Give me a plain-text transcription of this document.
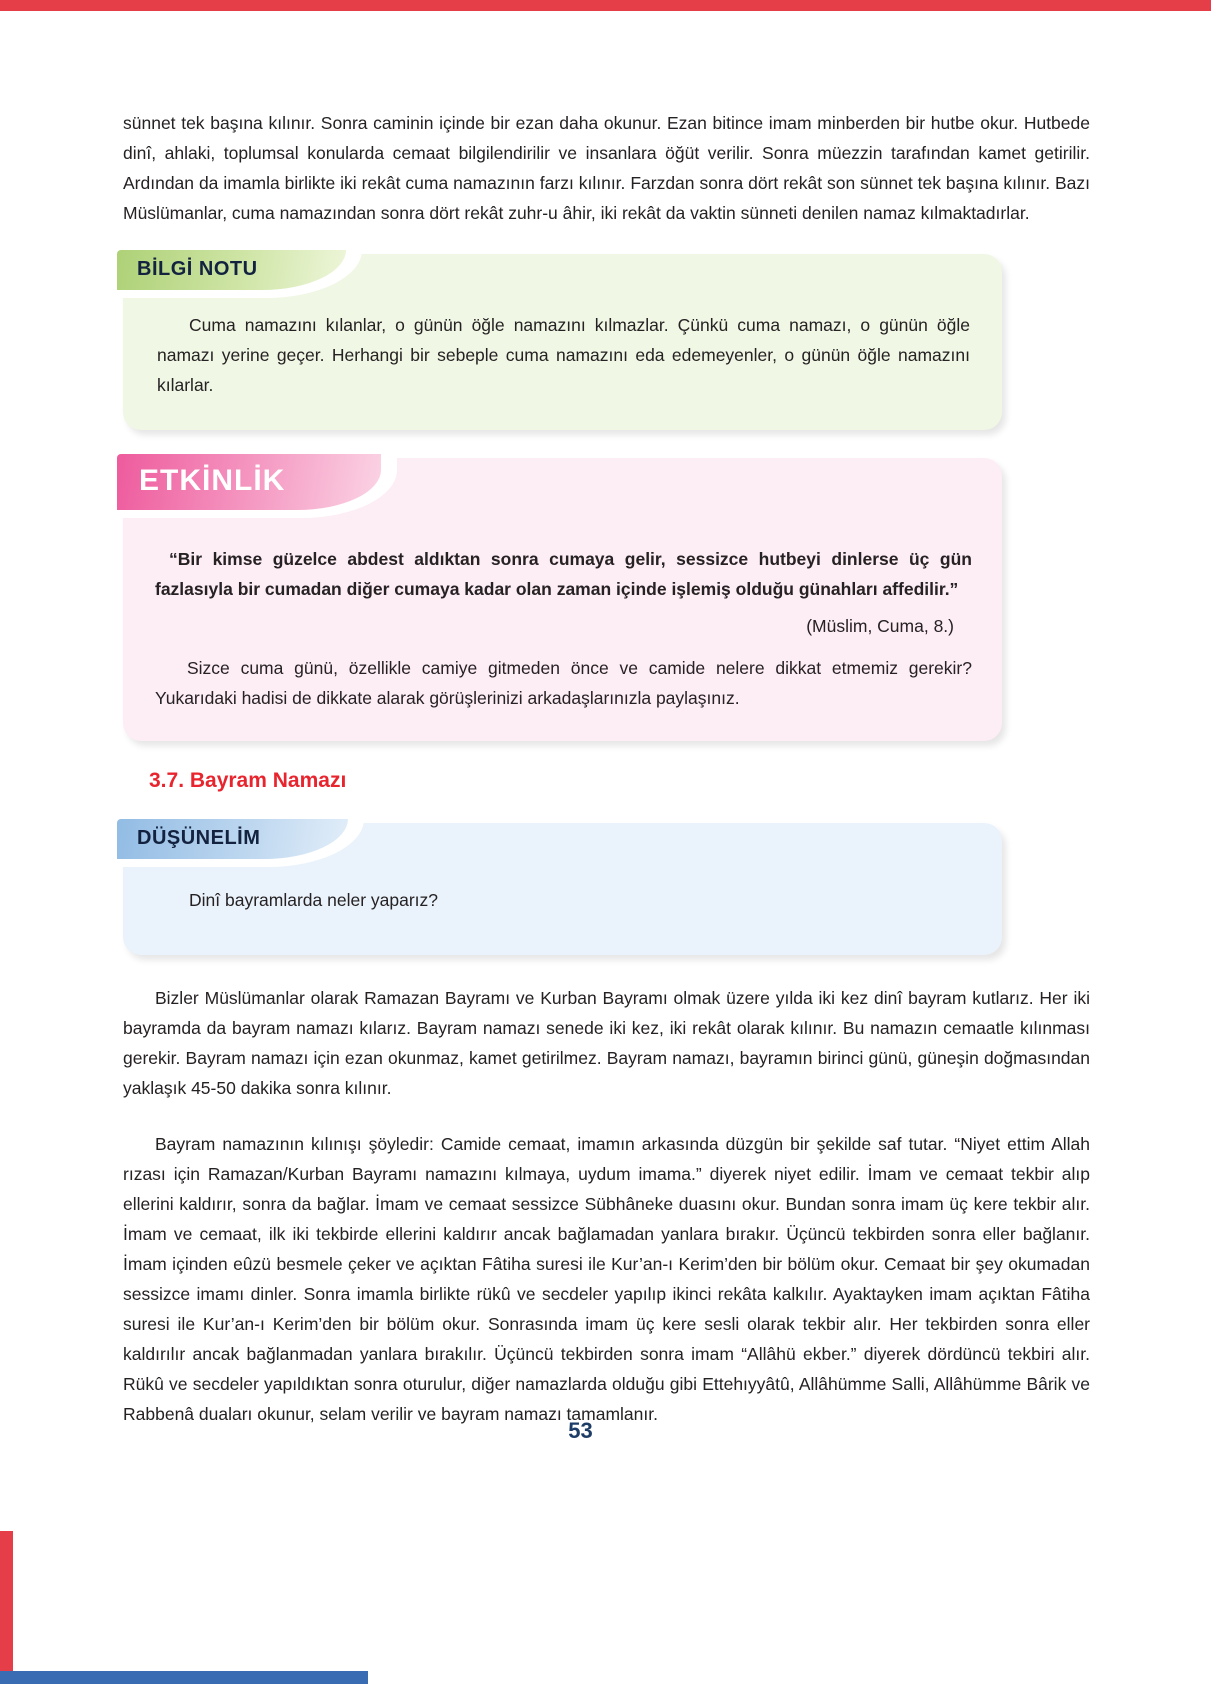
sünnet tek başına kılınır. Sonra caminin içinde bir ezan daha okunur. Ezan bitince imam minberden bir hutbe okur. Hutbede dinî, ahlaki, toplumsal konularda cemaat bilgilendirilir ve insanlara öğüt verilir. Sonra müezzin tarafından kamet getirilir. Ardından da imamla birlikte iki rekât cuma namazının farzı kılınır. Farzdan sonra dört rekât son sünnet tek başına kılınır. Bazı Müslümanlar, cuma namazından sonra dört rekât zuhr-u âhir, iki rekât da vaktin sünneti denilen namaz kılmaktadırlar.

BİLGİ NOTU

Cuma namazını kılanlar, o günün öğle namazını kılmazlar. Çünkü cuma namazı, o günün öğle namazı yerine geçer. Herhangi bir sebeple cuma namazını eda edemeyenler, o günün öğle namazını kılarlar.

ETKİNLİK

“Bir kimse güzelce abdest aldıktan sonra cumaya gelir, sessizce hutbeyi dinlerse üç gün fazlasıyla bir cumadan diğer cumaya kadar olan zaman içinde işlemiş olduğu günahları affedilir.”

(Müslim, Cuma, 8.)

Sizce cuma günü, özellikle camiye gitmeden önce ve camide nelere dikkat etmemiz gerekir? Yukarıdaki hadisi de dikkate alarak görüşlerinizi arkadaşlarınızla paylaşınız.

3.7. Bayram Namazı
DÜŞÜNELİM

Dinî bayramlarda neler yaparız?

Bizler Müslümanlar olarak Ramazan Bayramı ve Kurban Bayramı olmak üzere yılda iki kez dinî bayram kutlarız. Her iki bayramda da bayram namazı kılarız. Bayram namazı senede iki kez, iki rekât olarak kılınır. Bu namazın cemaatle kılınması gerekir. Bayram namazı için ezan okunmaz, kamet getirilmez. Bayram namazı, bayramın birinci günü, güneşin doğmasından yaklaşık 45-50 dakika sonra kılınır.

Bayram namazının kılınışı şöyledir: Camide cemaat, imamın arkasında düzgün bir şekilde saf tutar. “Niyet ettim Allah rızası için Ramazan/Kurban Bayramı namazını kılmaya, uydum imama.” diyerek niyet edilir. İmam ve cemaat tekbir alıp ellerini kaldırır, sonra da bağlar. İmam ve cemaat sessizce Sübhâneke duasını okur. Bundan sonra imam üç kere tekbir alır. İmam ve cemaat, ilk iki tekbirde ellerini kaldırır ancak bağlamadan yanlara bırakır. Üçüncü tekbirden sonra eller bağlanır. İmam içinden eûzü besmele çeker ve açıktan Fâtiha suresi ile Kur’an-ı Kerim’den bir bölüm okur. Cemaat bir şey okumadan sessizce imamı dinler. Sonra imamla birlikte rükû ve secdeler yapılıp ikinci rekâta kalkılır. Ayaktayken imam açıktan Fâtiha suresi ile Kur’an-ı Kerim’den bir bölüm okur. Sonrasında imam üç kere sesli olarak tekbir alır. Her tekbirden sonra eller kaldırılır ancak bağlanmadan yanlara bırakılır. Üçüncü tekbirden sonra imam “Allâhü ekber.” diyerek dördüncü tekbiri alır. Rükû ve secdeler yapıldıktan sonra oturulur, diğer namazlarda olduğu gibi Ettehıyyâtû, Allâhümme Salli, Allâhümme Bârik ve Rabbenâ duaları okunur, selam verilir ve bayram namazı tamamlanır.

53
